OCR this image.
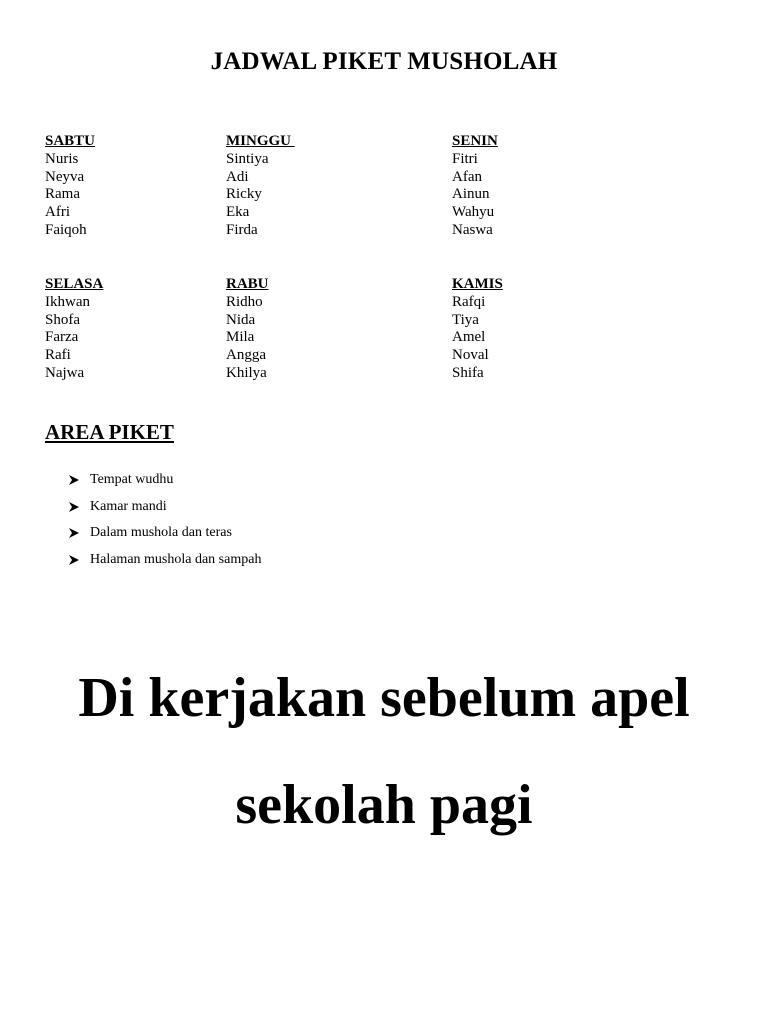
JADWAL PIKET MUSHOLAH
SABTU
Nuris
Neyva
Rama
Afri
Faiqoh
MINGGU
Sintiya
Adi
Ricky
Eka
Firda
SENIN
Fitri
Afan
Ainun
Wahyu
Naswa
SELASA
Ikhwan
Shofa
Farza
Rafi
Najwa
RABU
Ridho
Nida
Mila
Angga
Khilya
KAMIS
Rafqi
Tiya
Amel
Noval
Shifa
AREA PIKET
Tempat wudhu
Kamar mandi
Dalam mushola dan teras
Halaman mushola dan sampah
Di kerjakan sebelum apel
sekolah pagi
